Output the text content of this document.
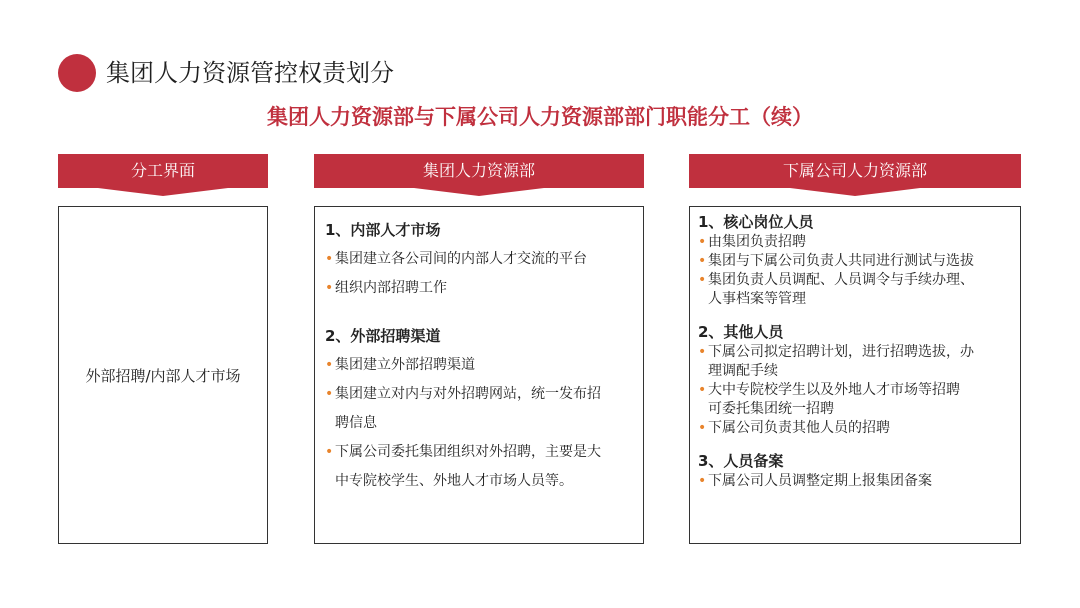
集团人力资源管控权责划分
集团人力资源部与下属公司人力资源部部门职能分工（续）
分工界面
外部招聘/内部人才市场
集团人力资源部
1、内部人才市场
• 集团建立各公司间的内部人才交流的平台
• 组织内部招聘工作
2、外部招聘渠道
• 集团建立外部招聘渠道
• 集团建立对内与对外招聘网站，统一发布招
聘信息
• 下属公司委托集团组织对外招聘，主要是大
中专院校学生、外地人才市场人员等。
下属公司人力资源部
1、核心岗位人员
• 由集团负责招聘
• 集团与下属公司负责人共同进行测试与选拔
• 集团负责人员调配、人员调令与手续办理、
人事档案等管理
2、其他人员
• 下属公司拟定招聘计划，进行招聘选拔，办
理调配手续
• 大中专院校学生以及外地人才市场等招聘
可委托集团统一招聘
• 下属公司负责其他人员的招聘
3、人员备案
• 下属公司人员调整定期上报集团备案
